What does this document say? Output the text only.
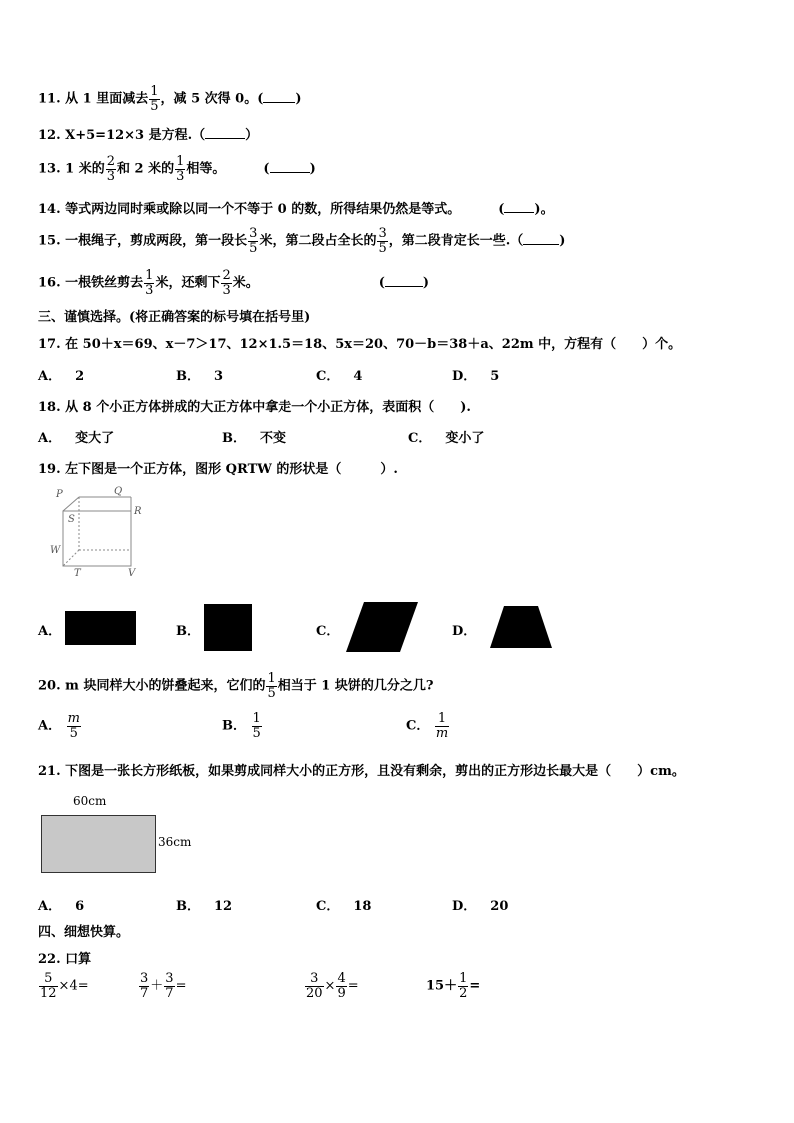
11. 从 1 里面减去 $\frac{1}{5}$ ，减 5 次得 0。( )
12. X+5=12×3 是方程.（	）
13. 1 米的 $\frac{2}{3}$ 和 2 米的 $\frac{1}{3}$ 相等。	(	)
14. 等式两边同时乘或除以同一个不等于 0 的数，所得结果仍然是等式。	( )。
15. 一根绳子，剪成两段，第一段长 $\frac{3}{5}$ 米，第二段占全长的 $\frac{3}{5}$ ，第二段肯定长一些.（	)
16. 一根铁丝剪去 $\frac{1}{3}$ 米，还剩下 $\frac{2}{3}$ 米。	(	)
三、谨慎选择。(将正确答案的标号填在括号里)
17. 在 50＋x＝69、x－7＞17、12×1.5＝18、5x＝20、70－b＝38＋a、22m 中，方程有（　　）个。
A． 2	B． 3	C． 4	D． 5
18. 从 8 个小正方体拼成的大正方体中拿走一个小正方体，表面积（　　).
A． 变大了	B． 不变	C． 变小了
19. 左下图是一个正方体，图形 QRTW 的形状是（　　　）.
P	Q
R
S
W
T	V
A．	B．	C．	D．
20. m 块同样大小的饼叠起来，它们的 $\frac{1}{5}$ 相当于 1 块饼的几分之几?
A． $\frac{m}{5}$	B． $\frac{1}{5}$	C． $\frac{1}{m}$
21. 下图是一张长方形纸板，如果剪成同样大小的正方形，且没有剩余，剪出的正方形边长最大是（　　）cm。
60cm
36cm
A． 6	B． 12	C． 18	D． 20
四、细想快算。
22. 口算
$\frac{5}{12} \times 4=$	$\frac{3}{7} + \frac{3}{7}$ =	$\frac{3}{20} \times \frac{4}{9}$ =	$15+ \frac{1}{2}$ =
